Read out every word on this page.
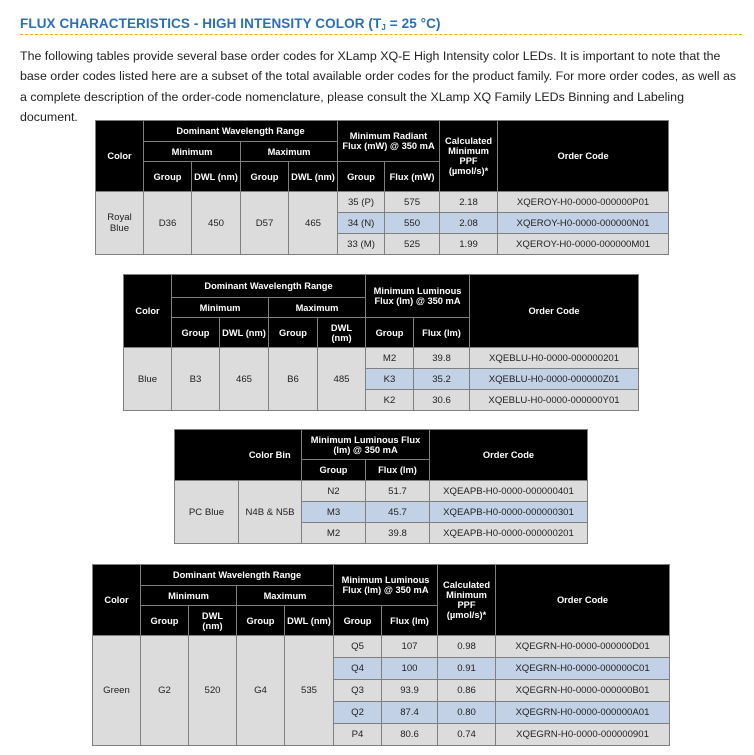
FLUX CHARACTERISTICS - HIGH INTENSITY COLOR ($T_J = 25$ °C)
The following tables provide several base order codes for XLamp XQ-E High Intensity color LEDs. It is important to note that the base order codes listed here are a subset of the total available order codes for the product family. For more order codes, as well as a complete description of the order-code nomenclature, please consult the XLamp XQ Family LEDs Binning and Labeling document.
Color	Dominant Wavelength Range				Minimum Radiant Flux (mW) @ 350 mA		Calculated Minimum PPF (µmol/s)*	Order Code
	Minimum		Maximum					
	Group	DWL (nm)	Group	DWL (nm)	Group	Flux (mW)		
Royal Blue	D36	450	D57	465	35 (P)	575	2.18	XQEROY-H0-0000-000000P01
					34 (N)	550	2.08	XQEROY-H0-0000-000000N01
					33 (M)	525	1.99	XQEROY-H0-0000-000000M01
Color	Dominant Wavelength Range				Minimum Luminous Flux (lm) @ 350 mA		Order Code
	Minimum		Maximum				
	Group	DWL (nm)	Group	DWL (nm)	Group	Flux (lm)	
Blue	B3	465	B6	485	M2	39.8	XQEBLU-H0-0000-000000201
					K3	35.2	XQEBLU-H0-0000-000000Z01
					K2	30.6	XQEBLU-H0-0000-000000Y01
	Color Bin	Minimum Luminous Flux (lm) @ 350 mA		Order Code
		Group	Flux (lm)	
PC Blue	N4B & N5B	N2	51.7	XQEAPB-H0-0000-000000401
		M3	45.7	XQEAPB-H0-0000-000000301
		M2	39.8	XQEAPB-H0-0000-000000201
Color	Dominant Wavelength Range				Minimum Luminous Flux (lm) @ 350 mA		Calculated Minimum PPF (µmol/s)*	Order Code
	Minimum		Maximum					
	Group	DWL (nm)	Group	DWL (nm)	Group	Flux (lm)		
Green	G2	520	G4	535	Q5	107	0.98	XQEGRN-H0-0000-000000D01
					Q4	100	0.91	XQEGRN-H0-0000-000000C01
					Q3	93.9	0.86	XQEGRN-H0-0000-000000B01
					Q2	87.4	0.80	XQEGRN-H0-0000-000000A01
					P4	80.6	0.74	XQEGRN-H0-0000-000000901
